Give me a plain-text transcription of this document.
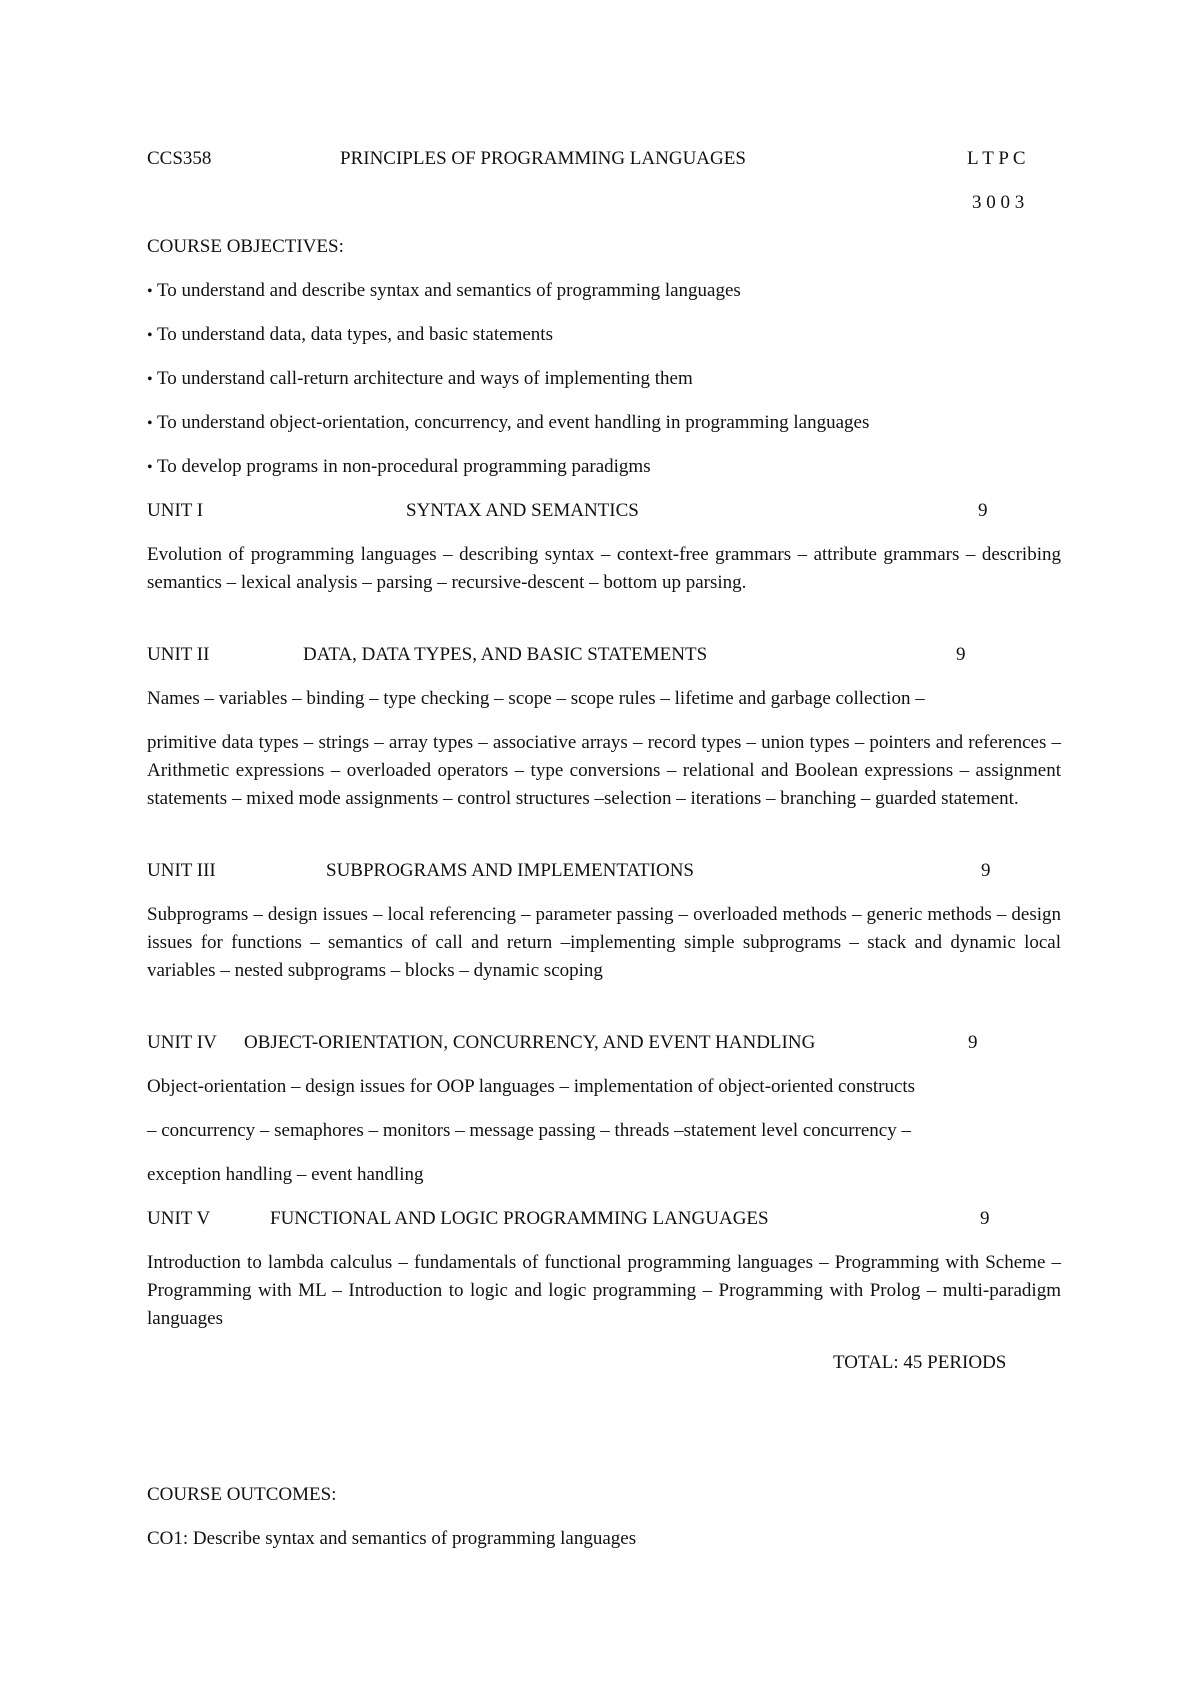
CCS358	PRINCIPLES OF PROGRAMMING LANGUAGES	L T P C
3 0 0 3
COURSE OBJECTIVES:
• To understand and describe syntax and semantics of programming languages
• To understand data, data types, and basic statements
• To understand call-return architecture and ways of implementing them
• To understand object-orientation, concurrency, and event handling in programming languages
• To develop programs in non-procedural programming paradigms
UNIT I	SYNTAX AND SEMANTICS	9
Evolution of programming languages – describing syntax – context-free grammars – attribute grammars – describing semantics – lexical analysis – parsing – recursive-descent – bottom up parsing.
UNIT II	DATA, DATA TYPES, AND BASIC STATEMENTS	9
Names – variables – binding – type checking – scope – scope rules – lifetime and garbage collection –
primitive data types – strings – array types – associative arrays – record types – union types – pointers and references – Arithmetic expressions – overloaded operators – type conversions – relational and Boolean expressions – assignment statements – mixed mode assignments – control structures –selection – iterations – branching – guarded statement.
UNIT III	SUBPROGRAMS AND IMPLEMENTATIONS	9
Subprograms – design issues – local referencing – parameter passing – overloaded methods – generic methods – design issues for functions – semantics of call and return –implementing simple subprograms – stack and dynamic local variables – nested subprograms – blocks – dynamic scoping
UNIT IV OBJECT-ORIENTATION, CONCURRENCY, AND EVENT HANDLING	9
Object-orientation – design issues for OOP languages – implementation of object-oriented constructs
– concurrency – semaphores – monitors – message passing – threads –statement level concurrency –
exception handling – event handling
UNIT V	FUNCTIONAL AND LOGIC PROGRAMMING LANGUAGES	9
Introduction to lambda calculus – fundamentals of functional programming languages – Programming with Scheme – Programming with ML – Introduction to logic and logic programming – Programming with Prolog – multi-paradigm languages
TOTAL: 45 PERIODS
COURSE OUTCOMES:
CO1: Describe syntax and semantics of programming languages
